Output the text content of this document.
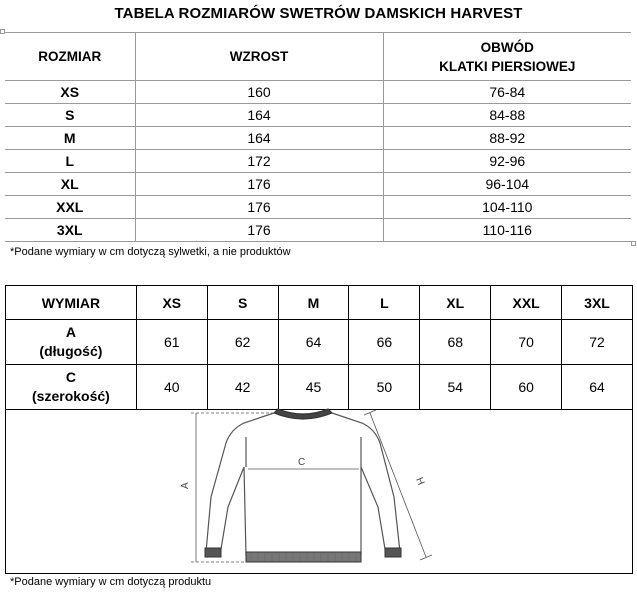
TABELA ROZMIARÓW SWETRÓW DAMSKICH HARVEST
ROZMIAR	WZROST	OBWÓD
KLATKI PIERSIOWEJ

XS	160	76-84
S	164	84-88
M	164	88-92
L	172	92-96
XL	176	96-104
XXL	176	104-110
3XL	176	110-116
*Podane wymiary w cm dotyczą sylwetki, a nie produktów
WYMIAR	XS	S	M	L	XL	XXL	3XL

A
(długość)	61	62	64	66	68	70	72

C
(szerokość)	40	42	45	50	54	60	64
C
A	H
*Podane wymiary w cm dotyczą produktu
